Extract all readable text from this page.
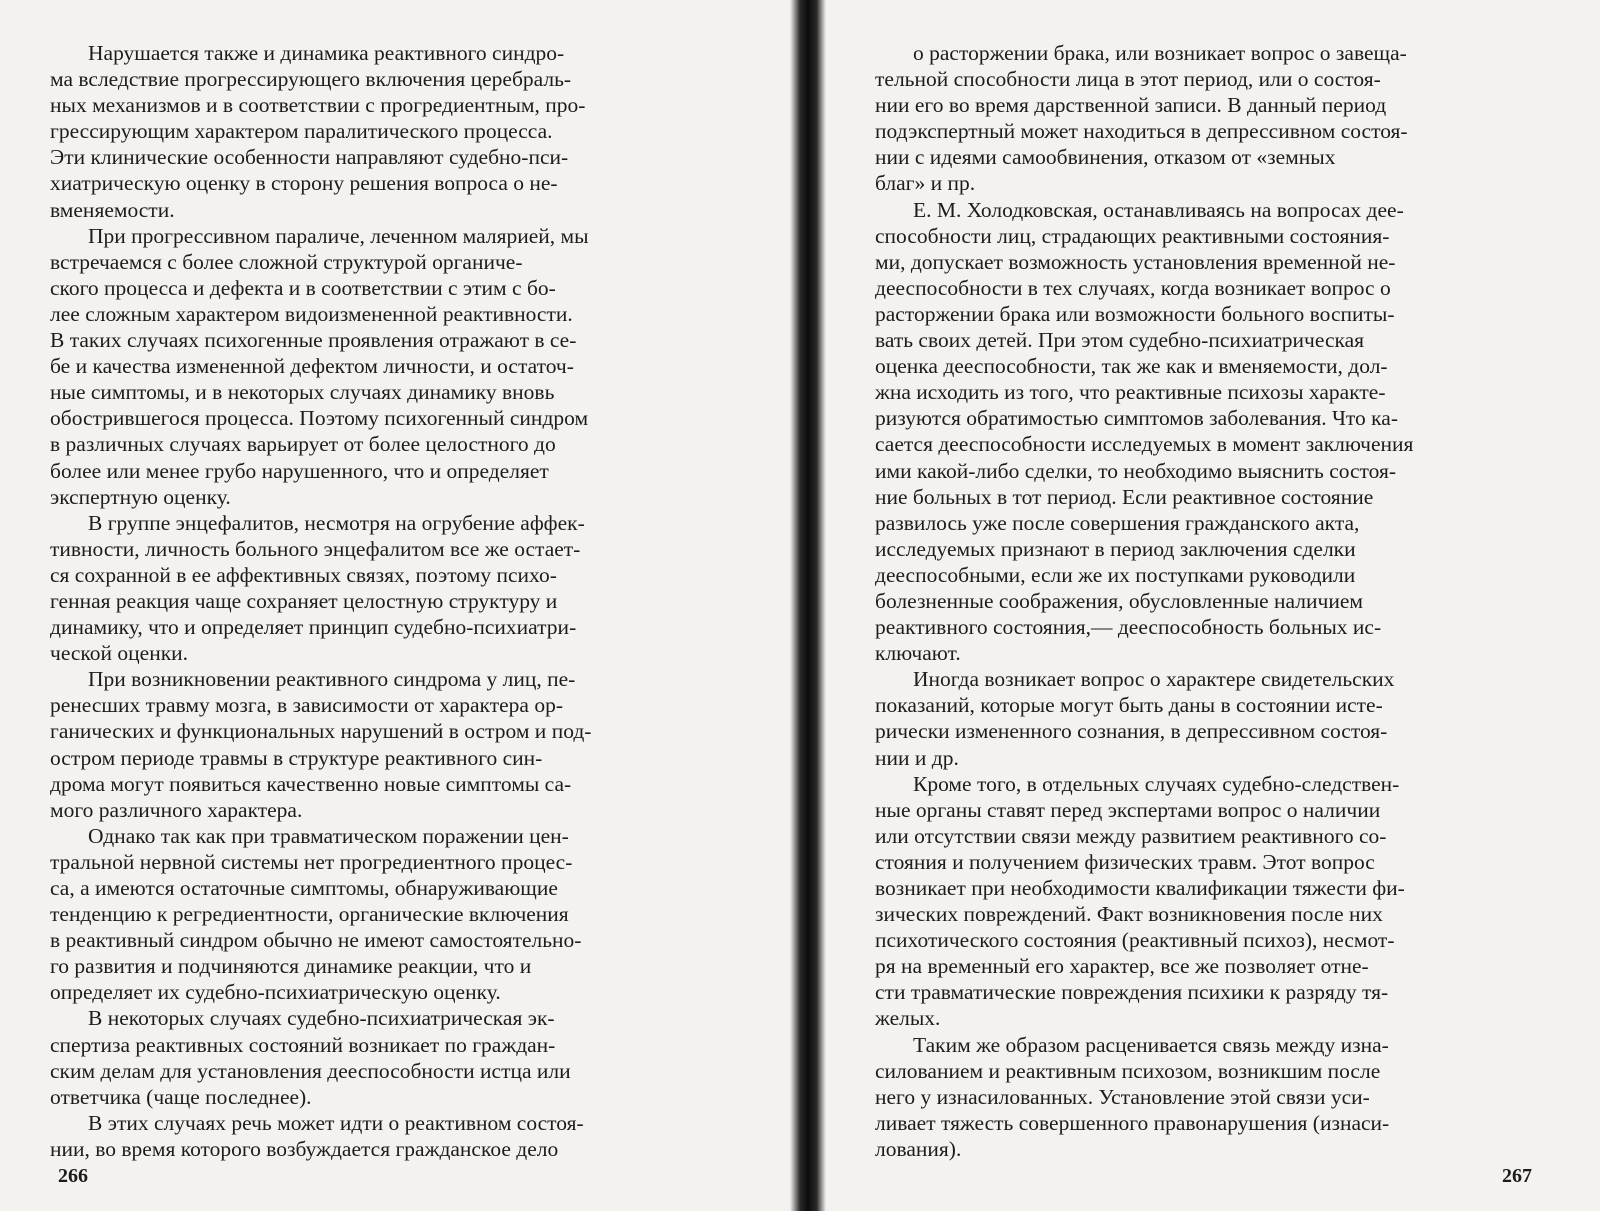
Нарушается также и динамика реактивного синдро-
ма вследствие прогрессирующего включения церебраль-
ных механизмов и в соответствии с прогредиентным, про-
грессирующим характером паралитического процесса.
Эти клинические особенности направляют судебно-пси-
хиатрическую оценку в сторону решения вопроса о не-
вменяемости.

При прогрессивном параличе, леченном малярией, мы
встречаемся с более сложной структурой органиче-
ского процесса и дефекта и в соответствии с этим с бо-
лее сложным характером видоизмененной реактивности.
В таких случаях психогенные проявления отражают в се-
бе и качества измененной дефектом личности, и остаточ-
ные симптомы, и в некоторых случаях динамику вновь
обострившегося процесса. Поэтому психогенный синдром
в различных случаях варьирует от более целостного до
более или менее грубо нарушенного, что и определяет
экспертную оценку.

В группе энцефалитов, несмотря на огрубение аффек-
тивности, личность больного энцефалитом все же остает-
ся сохранной в ее аффективных связях, поэтому психо-
генная реакция чаще сохраняет целостную структуру и
динамику, что и определяет принцип судебно-психиатри-
ческой оценки.

При возникновении реактивного синдрома у лиц, пе-
ренесших травму мозга, в зависимости от характера ор-
ганических и функциональных нарушений в остром и под-
остром периоде травмы в структуре реактивного син-
дрома могут появиться качественно новые симптомы са-
мого различного характера.

Однако так как при травматическом поражении цен-
тральной нервной системы нет прогредиентного процес-
са, а имеются остаточные симптомы, обнаруживающие
тенденцию к регредиентности, органические включения
в реактивный синдром обычно не имеют самостоятельно-
го развития и подчиняются динамике реакции, что и
определяет их судебно-психиатрическую оценку.

В некоторых случаях судебно-психиатрическая эк-
спертиза реактивных состояний возникает по граждан-
ским делам для установления дееспособности истца или
ответчика (чаще последнее).

В этих случаях речь может идти о реактивном состоя-
нии, во время которого возбуждается гражданское дело

266

о расторжении брака, или возникает вопрос о завеща-
тельной способности лица в этот период, или о состоя-
нии его во время дарственной записи. В данный период
подэкспертный может находиться в депрессивном состоя-
нии с идеями самообвинения, отказом от «земных
благ» и пр.

Е. М. Холодковская, останавливаясь на вопросах дее-
способности лиц, страдающих реактивными состояния-
ми, допускает возможность установления временной не-
дееспособности в тех случаях, когда возникает вопрос о
расторжении брака или возможности больного воспиты-
вать своих детей. При этом судебно-психиатрическая
оценка дееспособности, так же как и вменяемости, дол-
жна исходить из того, что реактивные психозы характе-
ризуются обратимостью симптомов заболевания. Что ка-
сается дееспособности исследуемых в момент заключения
ими какой-либо сделки, то необходимо выяснить состоя-
ние больных в тот период. Если реактивное состояние
развилось уже после совершения гражданского акта,
исследуемых признают в период заключения сделки
дееспособными, если же их поступками руководили
болезненные соображения, обусловленные наличием
реактивного состояния,— дееспособность больных ис-
ключают.

Иногда возникает вопрос о характере свидетельских
показаний, которые могут быть даны в состоянии исте-
рически измененного сознания, в депрессивном состоя-
нии и др.

Кроме того, в отдельных случаях судебно-следствен-
ные органы ставят перед экспертами вопрос о наличии
или отсутствии связи между развитием реактивного со-
стояния и получением физических травм. Этот вопрос
возникает при необходимости квалификации тяжести фи-
зических повреждений. Факт возникновения после них
психотического состояния (реактивный психоз), несмот-
ря на временный его характер, все же позволяет отне-
сти травматические повреждения психики к разряду тя-
желых.

Таким же образом расценивается связь между изна-
силованием и реактивным психозом, возникшим после
него у изнасилованных. Установление этой связи уси-
ливает тяжесть совершенного правонарушения (изнаси-
лования).

267
